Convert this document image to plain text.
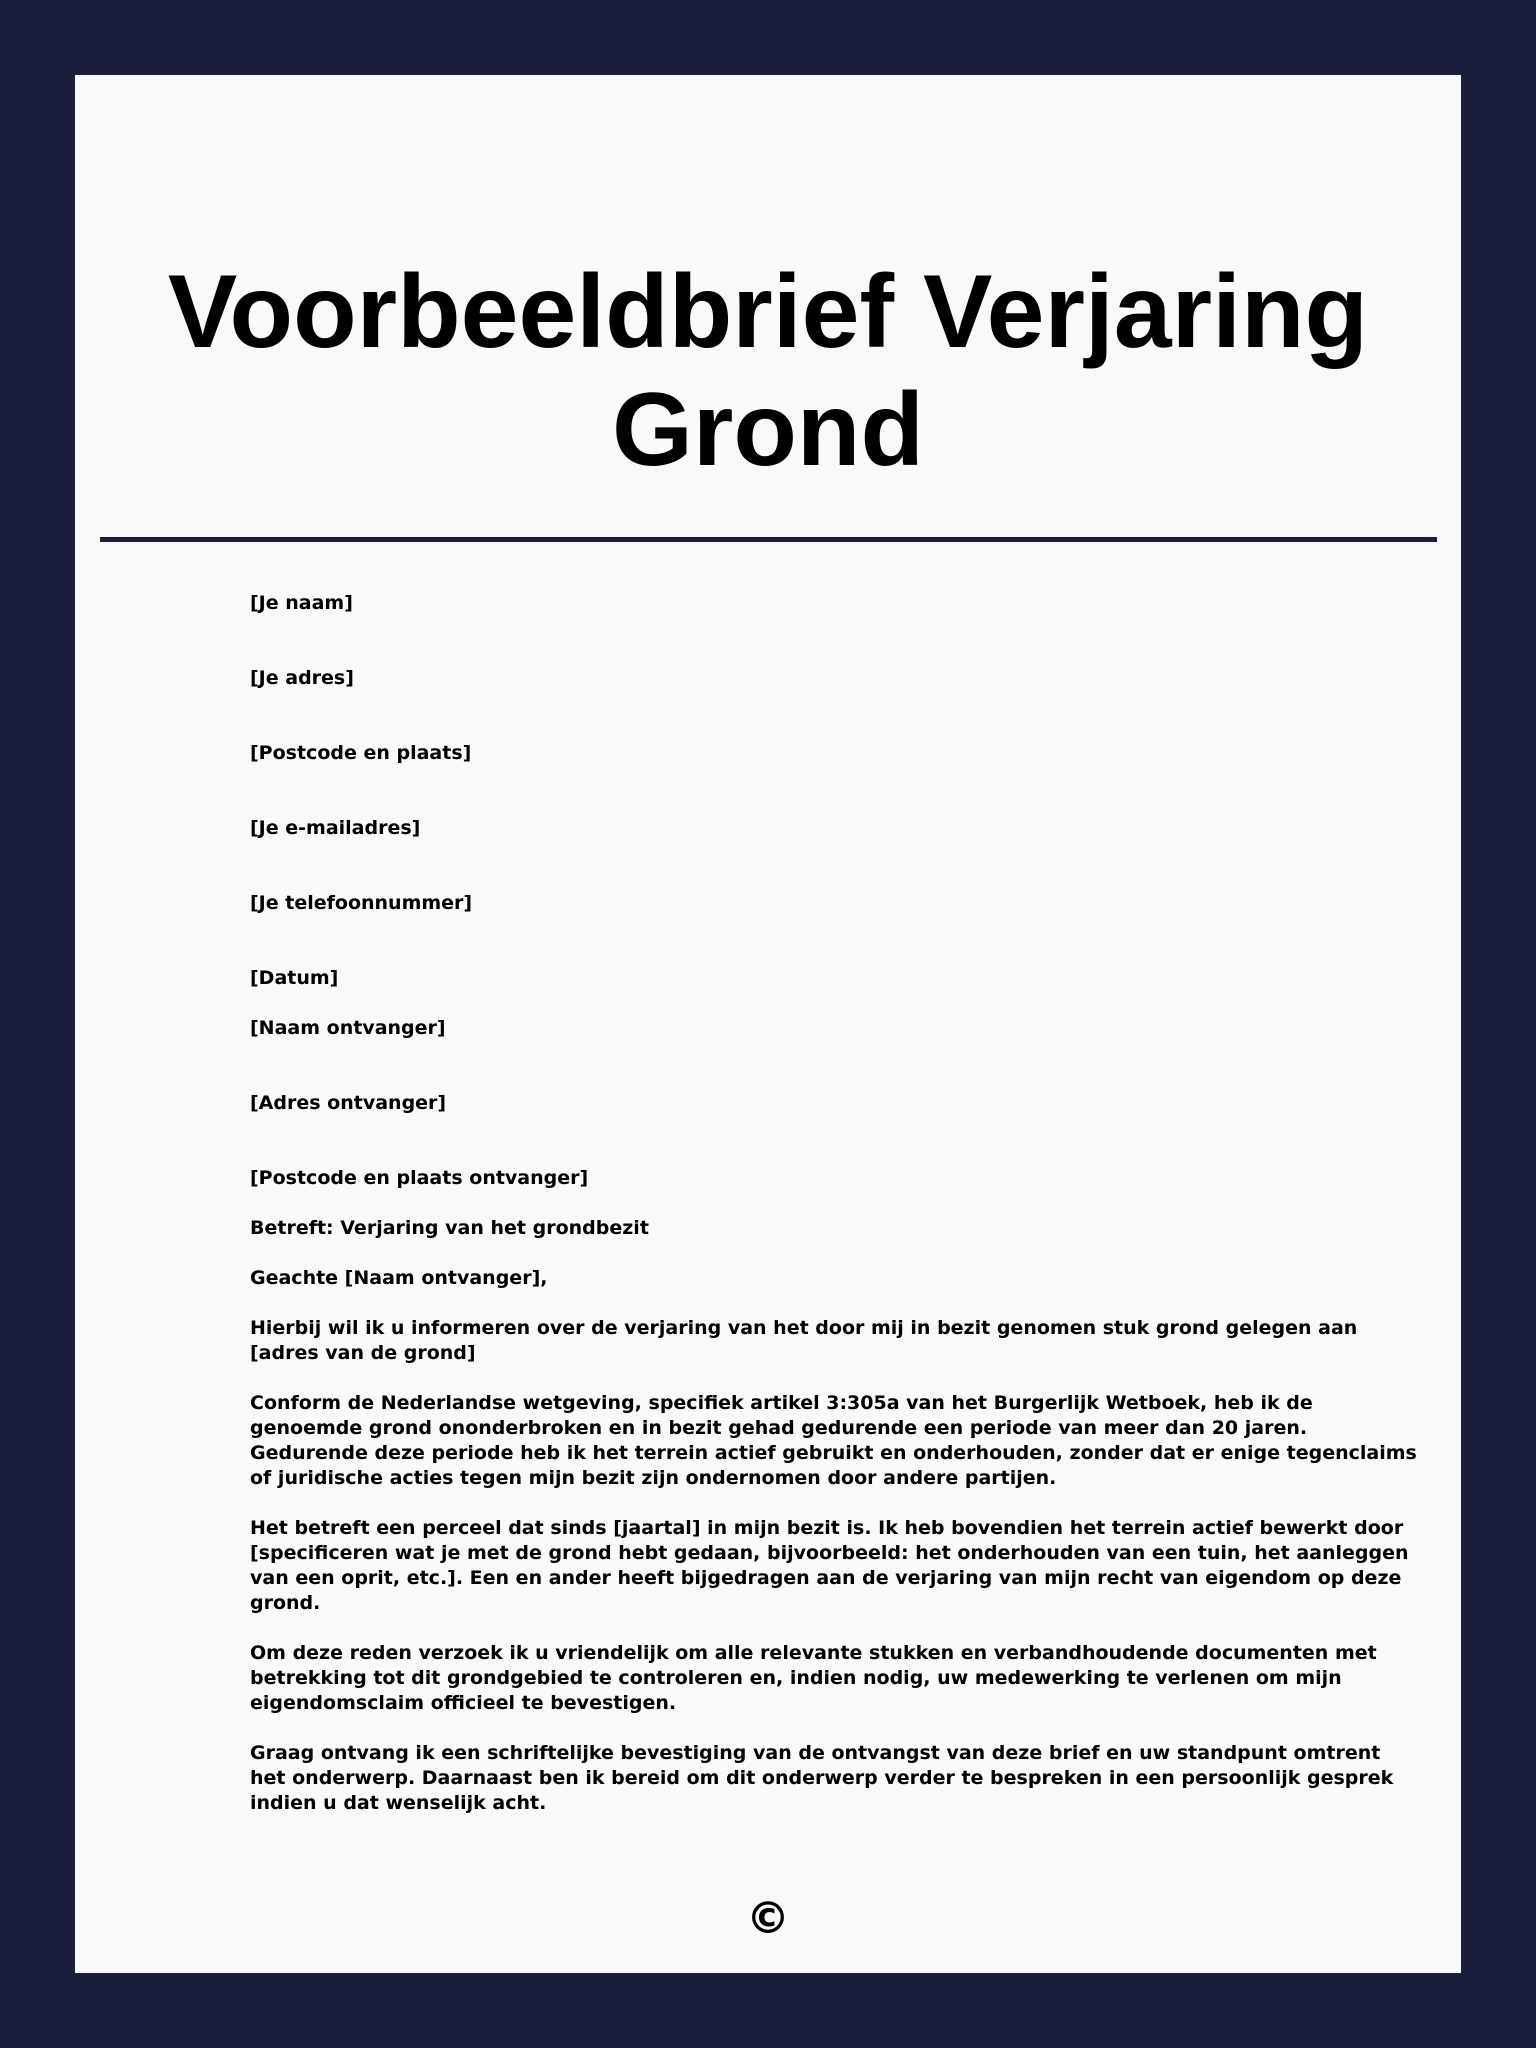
Voorbeeldbrief Verjaring Grond
[Je naam]
[Je adres]
[Postcode en plaats]
[Je e-mailadres]
[Je telefoonnummer]
[Datum]
[Naam ontvanger]
[Adres ontvanger]
[Postcode en plaats ontvanger]
Betreft: Verjaring van het grondbezit
Geachte [Naam ontvanger],
Hierbij wil ik u informeren over de verjaring van het door mij in bezit genomen stuk grond gelegen aan
[adres van de grond]
Conform de Nederlandse wetgeving, specifiek artikel 3:305a van het Burgerlijk Wetboek, heb ik de
genoemde grond ononderbroken en in bezit gehad gedurende een periode van meer dan 20 jaren.
Gedurende deze periode heb ik het terrein actief gebruikt en onderhouden, zonder dat er enige tegenclaims
of juridische acties tegen mijn bezit zijn ondernomen door andere partijen.
Het betreft een perceel dat sinds [jaartal] in mijn bezit is. Ik heb bovendien het terrein actief bewerkt door
[specificeren wat je met de grond hebt gedaan, bijvoorbeeld: het onderhouden van een tuin, het aanleggen
van een oprit, etc.]. Een en ander heeft bijgedragen aan de verjaring van mijn recht van eigendom op deze
grond.
Om deze reden verzoek ik u vriendelijk om alle relevante stukken en verbandhoudende documenten met
betrekking tot dit grondgebied te controleren en, indien nodig, uw medewerking te verlenen om mijn
eigendomsclaim officieel te bevestigen.
Graag ontvang ik een schriftelijke bevestiging van de ontvangst van deze brief en uw standpunt omtrent
het onderwerp. Daarnaast ben ik bereid om dit onderwerp verder te bespreken in een persoonlijk gesprek
indien u dat wenselijk acht.
©
